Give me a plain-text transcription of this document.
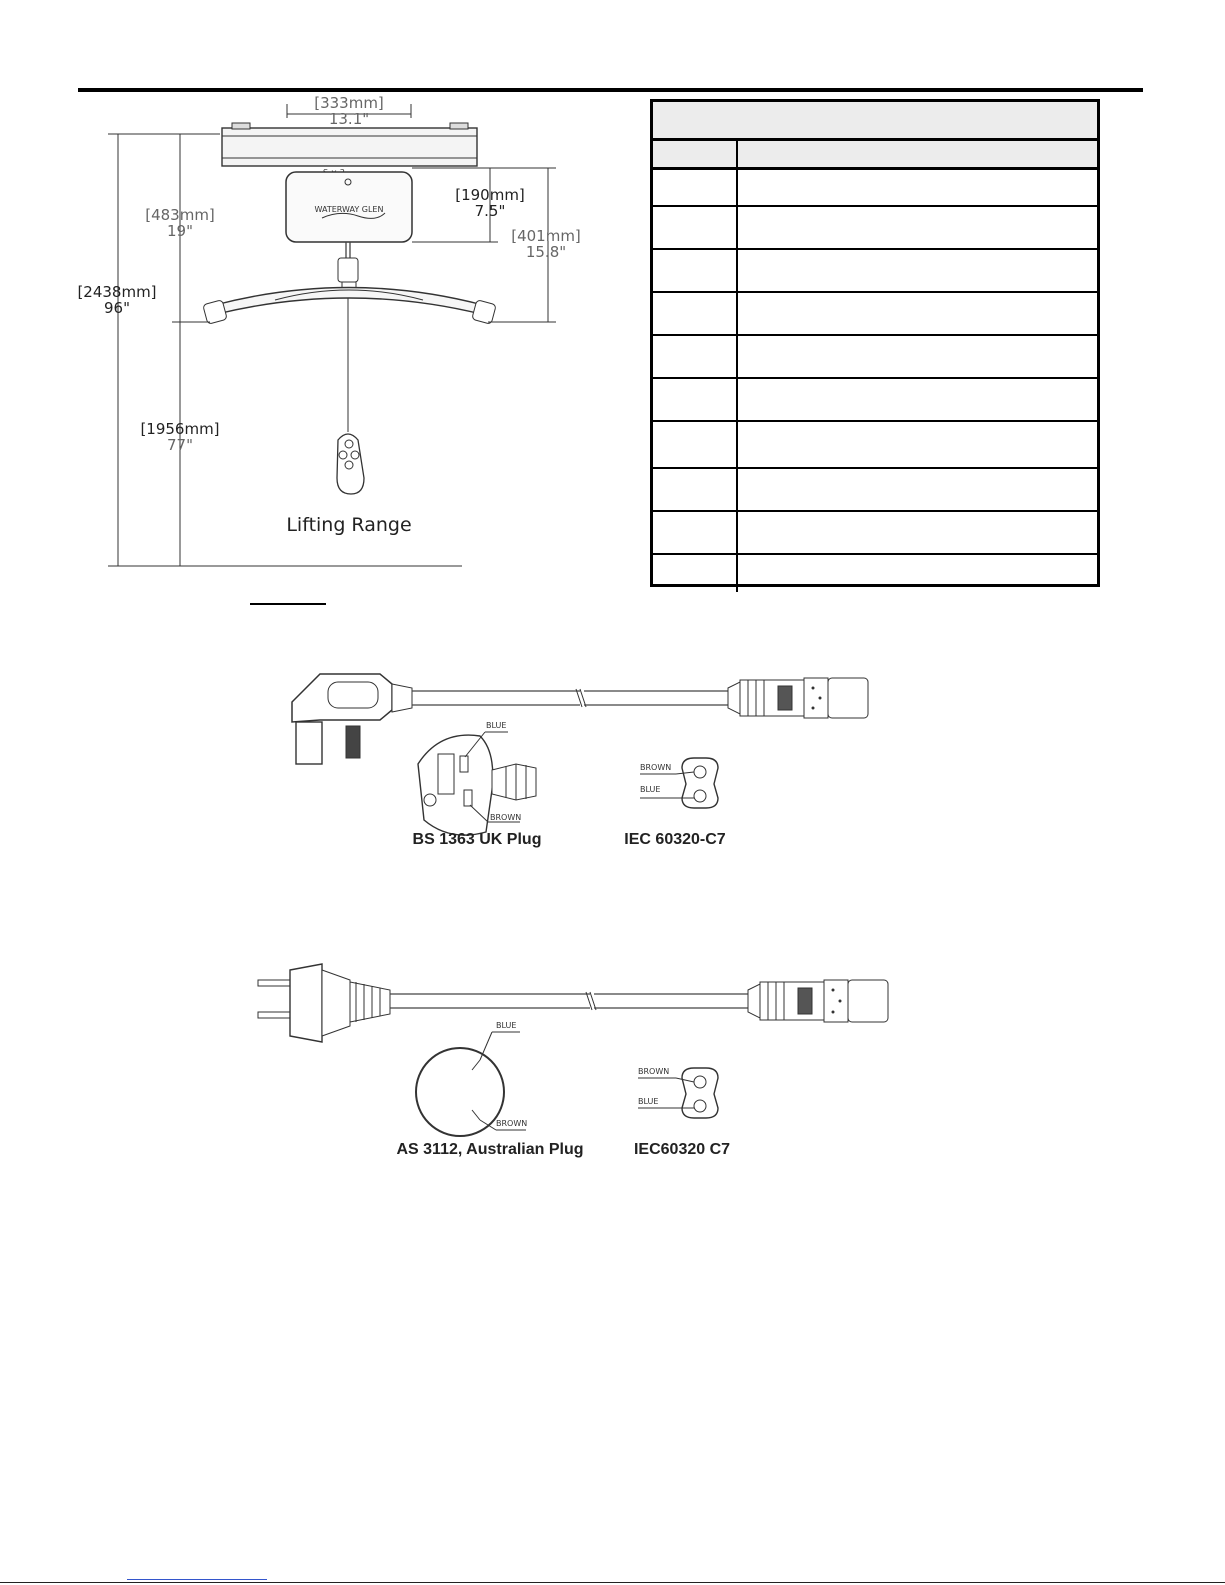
[333mm]
13.1"
WATERWAY GLEN
Lifting Range
[2438mm]
96"
[483mm]
19"
[1956mm]
77"
[190mm]
7.5"
[401mm]
15.8"
BLUE
BROWN
BS 1363 UK Plug
BROWN
BLUE
IEC 60320-C7
BLUE
BROWN
AS 3112, Australian Plug
BROWN
BLUE
IEC60320 C7
